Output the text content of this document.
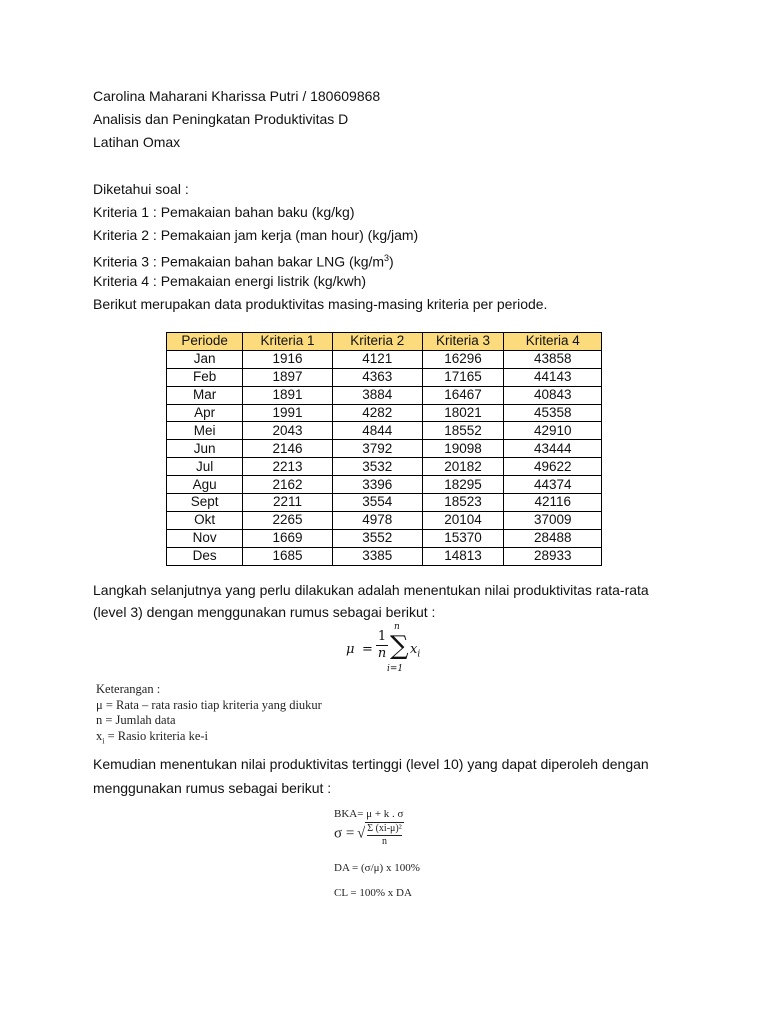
Carolina Maharani Kharissa Putri / 180609868
Analisis dan Peningkatan Produktivitas D
Latihan Omax
Diketahui soal :
Kriteria 1 : Pemakaian bahan baku (kg/kg)
Kriteria 2 : Pemakaian jam kerja (man hour) (kg/jam)
Kriteria 3 : Pemakaian bahan bakar LNG $(kg/m^3)$
Kriteria 4 : Pemakaian energi listrik (kg/kwh)
Berikut merupakan data produktivitas masing-masing kriteria per periode.
Periode	Kriteria 1	Kriteria 2	Kriteria 3	Kriteria 4
Jan	1916	4121	16296	43858
Feb	1897	4363	17165	44143
Mar	1891	3884	16467	40843
Apr	1991	4282	18021	45358
Mei	2043	4844	18552	42910
Jun	2146	3792	19098	43444
Jul	2213	3532	20182	49622
Agu	2162	3396	18295	44374
Sept	2211	3554	18523	42116
Okt	2265	4978	20104	37009
Nov	1669	3552	15370	28488
Des	1685	3385	14813	28933
Langkah selanjutnya yang perlu dilakukan adalah menentukan nilai produktivitas rata-rata
(level 3) dengan menggunakan rumus sebagai berikut :
μ =
1
n
n
∑
i=1
$x_i$
Keterangan :
μ = Rata – rata rasio tiap kriteria yang diukur
n = Jumlah data
$x_i$ = Rasio kriteria ke-i
Kemudian menentukan nilai produktivitas tertinggi (level 10) yang dapat diperoleh dengan
menggunakan rumus sebagai berikut :
BKA= μ + k . σ
σ = √ $\frac{\text{Σ (xi-μ)²}}{n}$
DA = (σ/μ) x 100%
CL = 100% x DA
